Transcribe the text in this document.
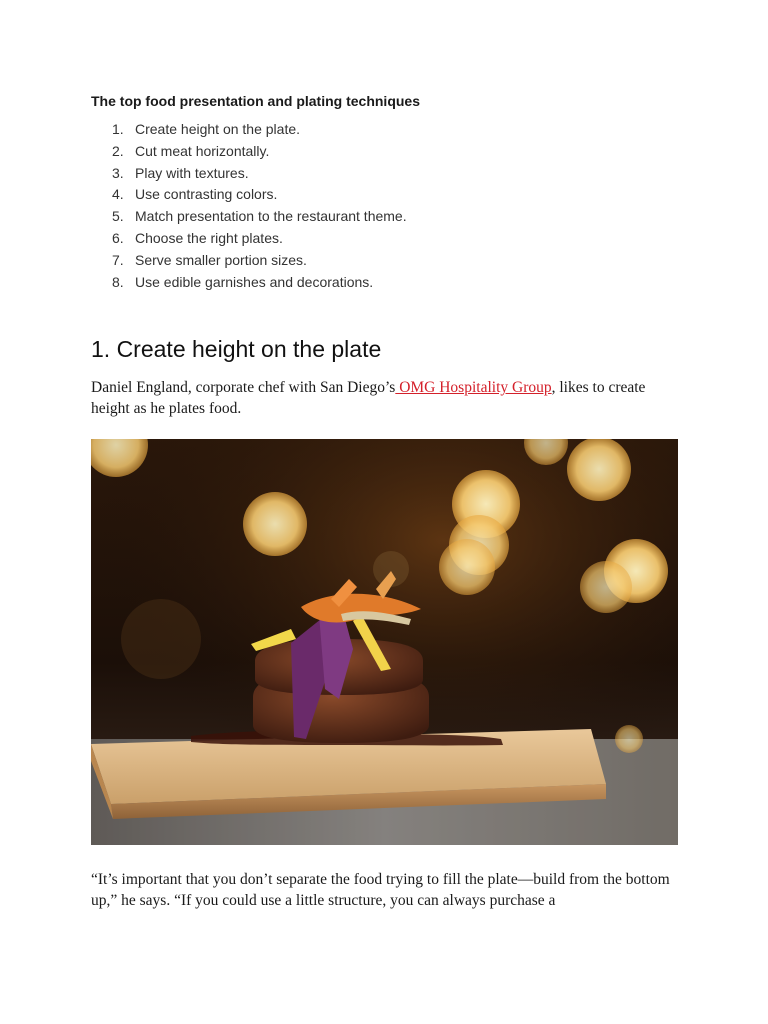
The top food presentation and plating techniques
1. Create height on the plate.
2. Cut meat horizontally.
3. Play with textures.
4. Use contrasting colors.
5. Match presentation to the restaurant theme.
6. Choose the right plates.
7. Serve smaller portion sizes.
8. Use edible garnishes and decorations.
1. Create height on the plate

Daniel England, corporate chef with San Diego’s OMG Hospitality Group, likes to create height as he plates food.

“It’s important that you don’t separate the food trying to fill the plate—build from the bottom up,” he says. “If you could use a little structure, you can always purchase a
